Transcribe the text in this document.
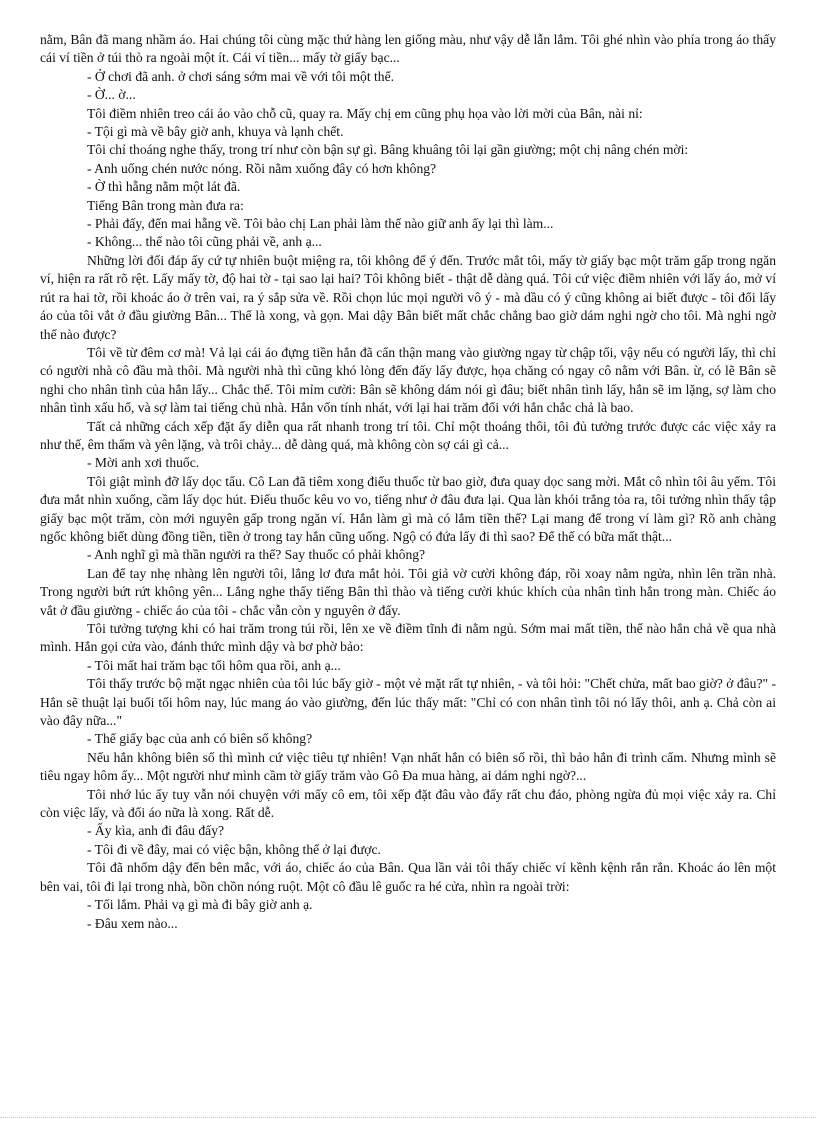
nằm, Bân đã mang nhầm áo. Hai chúng tôi cùng mặc thứ hàng len giống màu, như vậy dễ lẫn lắm. Tôi ghé nhìn vào phía trong áo thấy cái ví tiền ở túi thò ra ngoài một ít. Cái ví tiền... mấy tờ giấy bạc...

- Ở chơi đã anh. ở chơi sáng sớm mai về với tôi một thể.

- Ờ... ờ...

Tôi điềm nhiên treo cái áo vào chỗ cũ, quay ra. Mấy chị em cũng phụ họa vào lời mời của Bân, nài nỉ:

- Tội gì mà về bây giờ anh, khuya và lạnh chết.

Tôi chỉ thoáng nghe thấy, trong trí như còn bận sự gì. Bâng khuâng tôi lại gần giường; một chị nâng chén mời:

- Anh uống chén nước nóng. Rồi nằm xuống đây có hơn không?

- Ờ thì hẵng nằm một lát đã.

Tiếng Bân trong màn đưa ra:

- Phải đấy, đến mai hẵng về. Tôi bảo chị Lan phải làm thế nào giữ anh ấy lại thì làm...

- Không... thế nào tôi cũng phải về, anh ạ...

Những lời đối đáp ấy cứ tự nhiên buột miệng ra, tôi không để ý đến. Trước mắt tôi, mấy tờ giấy bạc một trăm gấp trong ngăn ví, hiện ra rất rõ rệt. Lấy mấy tờ, độ hai tờ - tại sao lại hai? Tôi không biết - thật dễ dàng quá. Tôi cứ việc điềm nhiên với lấy áo, mở ví rút ra hai tờ, rồi khoác áo ở trên vai, ra ý sắp sửa về. Rồi chọn lúc mọi người vô ý - mà dầu có ý cũng không ai biết được - tôi đổi lấy áo của tôi vắt ở đầu giường Bân... Thế là xong, và gọn. Mai dậy Bân biết mất chắc chẳng bao giờ dám nghi ngờ cho tôi. Mà nghi ngờ thế nào được?

Tôi về từ đêm cơ mà! Vả lại cái áo đựng tiền hắn đã cẩn thận mang vào giường ngay từ chập tối, vậy nếu có người lấy, thì chỉ có người nhà cô đầu mà thôi. Mà người nhà thì cũng khó lòng đến đấy lấy được, họa chăng có ngay cô nằm với Bân. ừ, có lẽ Bân sẽ nghi cho nhân tình của hắn lấy... Chắc thế. Tôi mỉm cười: Bân sẽ không dám nói gì đâu; biết nhân tình lấy, hắn sẽ im lặng, sợ làm cho nhân tình xấu hổ, và sợ làm tai tiếng chủ nhà. Hắn vốn tính nhát, với lại hai trăm đối với hắn chắc chả là bao.

Tất cả những cách xếp đặt ấy diễn qua rất nhanh trong trí tôi. Chỉ một thoáng thôi, tôi đủ tưởng trước được các việc xảy ra như thế, êm thấm và yên lặng, và trôi chảy... dễ dàng quá, mà không còn sợ cái gì cả...

- Mời anh xơi thuốc.

Tôi giật mình đỡ lấy dọc tẩu. Cô Lan đã tiêm xong điếu thuốc từ bao giờ, đưa quay dọc sang mời. Mắt cô nhìn tôi âu yếm. Tôi đưa mắt nhìn xuống, cầm lấy dọc hút. Điếu thuốc kêu vo vo, tiếng như ở đâu đưa lại. Qua làn khói trắng tỏa ra, tôi tưởng nhìn thấy tập giấy bạc một trăm, còn mới nguyên gấp trong ngăn ví. Hắn làm gì mà có lắm tiền thế? Lại mang để trong ví làm gì? Rõ anh chàng ngốc không biết dùng đồng tiền, tiền ở trong tay hắn cũng uổng. Ngộ có đứa lấy đi thì sao? Để thế có bữa mất thật...

- Anh nghĩ gì mà thần người ra thế? Say thuốc có phải không?

Lan để tay nhẹ nhàng lên người tôi, lẳng lơ đưa mắt hỏi. Tôi giả vờ cười không đáp, rồi xoay nằm ngửa, nhìn lên trần nhà. Trong người bứt rứt không yên... Lắng nghe thấy tiếng Bân thì thào và tiếng cười khúc khích của nhân tình hắn trong màn. Chiếc áo vắt ở đầu giường - chiếc áo của tôi - chắc vẫn còn y nguyên ở đấy.

Tôi tưởng tượng khi có hai trăm trong túi rồi, lên xe về điềm tĩnh đi nằm ngủ. Sớm mai mất tiền, thế nào hắn chả về qua nhà mình. Hắn gọi cửa vào, đánh thức mình dậy và bơ phờ bảo:

- Tôi mất hai trăm bạc tối hôm qua rồi, anh ạ...

Tôi thấy trước bộ mặt ngạc nhiên của tôi lúc bấy giờ - một vẻ mặt rất tự nhiên, - và tôi hỏi: "Chết chửa, mất bao giờ? ở đâu?" - Hắn sẽ thuật lại buổi tối hôm nay, lúc mang áo vào giường, đến lúc thấy mất: "Chỉ có con nhân tình tôi nó lấy thôi, anh ạ. Chả còn ai vào đây nữa..."

- Thế giấy bạc của anh có biên số không?

Nếu hắn không biên số thì mình cứ việc tiêu tự nhiên! Vạn nhất hắn có biên số rồi, thì bảo hắn đi trình cẩm. Nhưng mình sẽ tiêu ngay hôm ấy... Một người như mình cầm tờ giấy trăm vào Gô Đa mua hàng, ai dám nghi ngờ?...

Tôi nhớ lúc ấy tuy vẫn nói chuyện với mấy cô em, tôi xếp đặt đâu vào đấy rất chu đáo, phòng ngừa đủ mọi việc xảy ra. Chỉ còn việc lấy, và đổi áo nữa là xong. Rất dễ.

- Ấy kìa, anh đi đâu đấy?

- Tôi đi về đây, mai có việc bận, không thể ở lại được.

Tôi đã nhổm dậy đến bên mắc, với áo, chiếc áo của Bân. Qua lần vải tôi thấy chiếc ví kềnh kệnh rắn rắn. Khoác áo lên một bên vai, tôi đi lại trong nhà, bồn chồn nóng ruột. Một cô đầu lê guốc ra hé cửa, nhìn ra ngoài trời:

- Tối lắm. Phải vạ gì mà đi bây giờ anh ạ.

- Đâu xem nào...
